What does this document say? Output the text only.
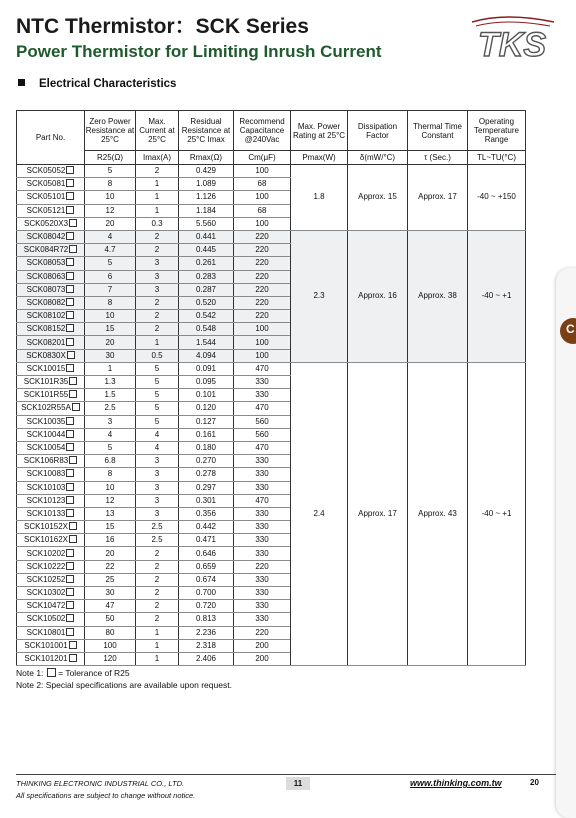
NTC Thermistor：SCK Series
Power Thermistor for Limiting Inrush Current	TKS
Electrical Characteristics
Part No.	Zero Power Resistance at 25°C	Max. Current at 25°C	Residual Resistance at 25°C Imax	Recommend Capacitance @240Vac	Max. Power Rating at 25°C	Dissipation Factor	Thermal Time Constant	Operating Temperature Range
	R25(Ω)	Imax(A)	Rmax(Ω)	Cm(μF)	Pmax(W)	δ(mW/°C)	τ (Sec.)	TL~TU(°C)
SCK05052	5	2	0.429	100	1.8	Approx. 15	Approx. 17	-40 ~ +150
SCK05081	8	1	1.089	68				
SCK05101	10	1	1.126	100				
SCK05121	12	1	1.184	68				
SCK0520X3	20	0.3	5.560	100				
SCK08042	4	2	0.441	220	2.3	Approx. 16	Approx. 38	-40 ~ +1
SCK084R72	4.7	2	0.445	220				
SCK08053	5	3	0.261	220				
SCK08063	6	3	0.283	220				
SCK08073	7	3	0.287	220				
SCK08082	8	2	0.520	220				
SCK08102	10	2	0.542	220				
SCK08152	15	2	0.548	100				
SCK08201	20	1	1.544	100				
SCK0830X	30	0.5	4.094	100				
SCK10015	1	5	0.091	470	2.4	Approx. 17	Approx. 43	-40 ~ +1
SCK101R35	1.3	5	0.095	330				
SCK101R55	1.5	5	0.101	330				
SCK102R55A	2.5	5	0.120	470				
SCK10035	3	5	0.127	560				
SCK10044	4	4	0.161	560				
SCK10054	5	4	0.180	470				
SCK106R83	6.8	3	0.270	330				
SCK10083	8	3	0.278	330				
SCK10103	10	3	0.297	330				
SCK10123	12	3	0.301	470				
SCK10133	13	3	0.356	330				
SCK10152X	15	2.5	0.442	330				
SCK10162X	16	2.5	0.471	330				
SCK10202	20	2	0.646	330				
SCK10222	22	2	0.659	220				
SCK10252	25	2	0.674	330				
SCK10302	30	2	0.700	330				
SCK10472	47	2	0.720	330				
SCK10502	50	2	0.813	330				
SCK10801	80	1	2.236	220				
SCK101001	100	1	2.318	200				
SCK101201	120	1	2.406	200				
Note 1: = Tolerance of R25
Note 2: Special specifications are available upon request.
THINKING ELECTRONIC INDUSTRIAL CO., LTD.
All specifications are subject to change without notice.
11	www.thinking.com.tw	20
C
